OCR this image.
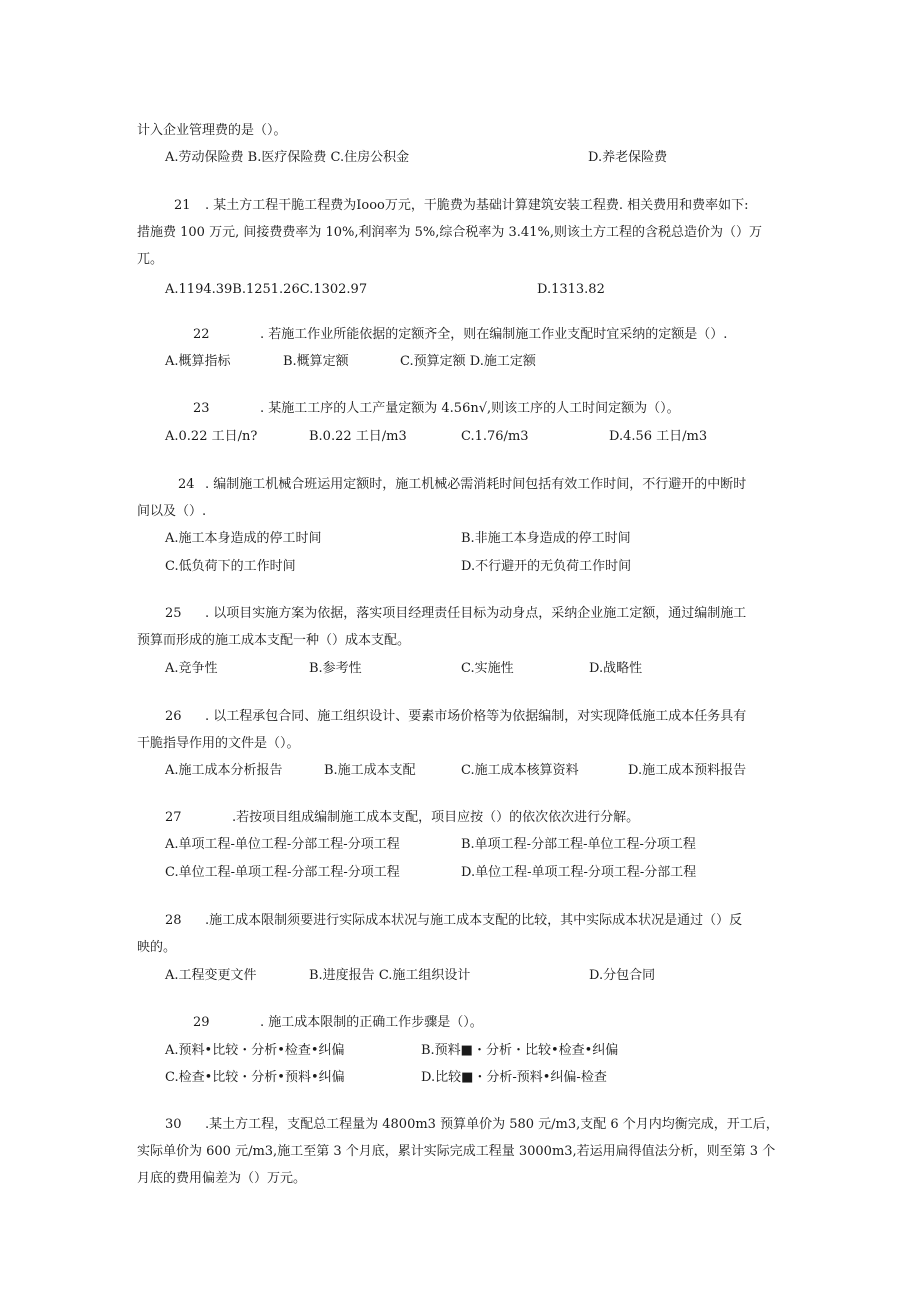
计入企业管理费的是（）。
A.劳动保险费 B.医疗保险费 C.住房公积金	D.养老保险费
21 . 某土方工程干脆工程费为Iooo万元，干脆费为基础计算建筑安装工程费. 相关费用和费率如下:
措施费 100 万元, 间接费费率为 10%,利润率为 5%,综合税率为 3.41%,则该土方工程的含税总造价为（）万
兀。
A.1194.39B.1251.26C.1302.97	D.1313.82
22	. 若施工作业所能依据的定额齐全，则在编制施工作业支配时宜采纳的定额是（）.
A.概算指标	B.概算定额	C.预算定额 D.施工定额
23	. 某施工工序的人工产量定额为 4.56n√,则该工序的人工时间定额为（）。
A.0.22 工日/n?	B.0.22 工日/m3	C.1.76/m3	D.4.56 工日/m3
24 . 编制施工机械合班运用定额时，施工机械必需消耗时间包括有效工作时间，不行避开的中断时
间以及（）.
A.施工本身造成的停工时间	B.非施工本身造成的停工时间
C.低负荷下的工作时间	D.不行避开的无负荷工作时间
25 . 以项目实施方案为依据，落实项目经理责任目标为动身点，采纳企业施工定额，通过编制施工
预算而形成的施工成本支配一种（）成本支配。
A.竞争性	B.参考性	C.实施性	D.战略性
26 . 以工程承包合同、施工组织设计、要素市场价格等为依据编制，对实现降低施工成本任务具有
干脆指导作用的文件是（）。
A.施工成本分析报告	B.施工成本支配	C.施工成本核算资料	D.施工成本预料报告
27	.若按项目组成编制施工成本支配，项目应按（）的依次依次进行分解。
A.单项工程-单位工程-分部工程-分项工程	B.单项工程-分部工程-单位工程-分项工程
C.单位工程-单项工程-分部工程-分项工程	D.单位工程-单项工程-分项工程-分部工程
28 .施工成本限制须要进行实际成本状况与施工成本支配的比较，其中实际成本状况是通过（）反
映的。
A.工程变更文件	B.进度报告 C.施工组织设计	D.分包合同
29	. 施工成本限制的正确工作步骤是（）。
A.预料•比较・分析•检查•纠偏	B.预料■・分析・比较•检查•纠偏
C.检查•比较・分析•预料•纠偏	D.比较■・分析-预料•纠偏-检查
30 .某土方工程，支配总工程量为 4800m3 预算单价为 580 元/m3,支配 6 个月内均衡完成，开工后，
实际单价为 600 元/m3,施工至第 3 个月底，累计实际完成工程量 3000m3,若运用扁得值法分析，则至第 3 个
月底的费用偏差为（）万元。
